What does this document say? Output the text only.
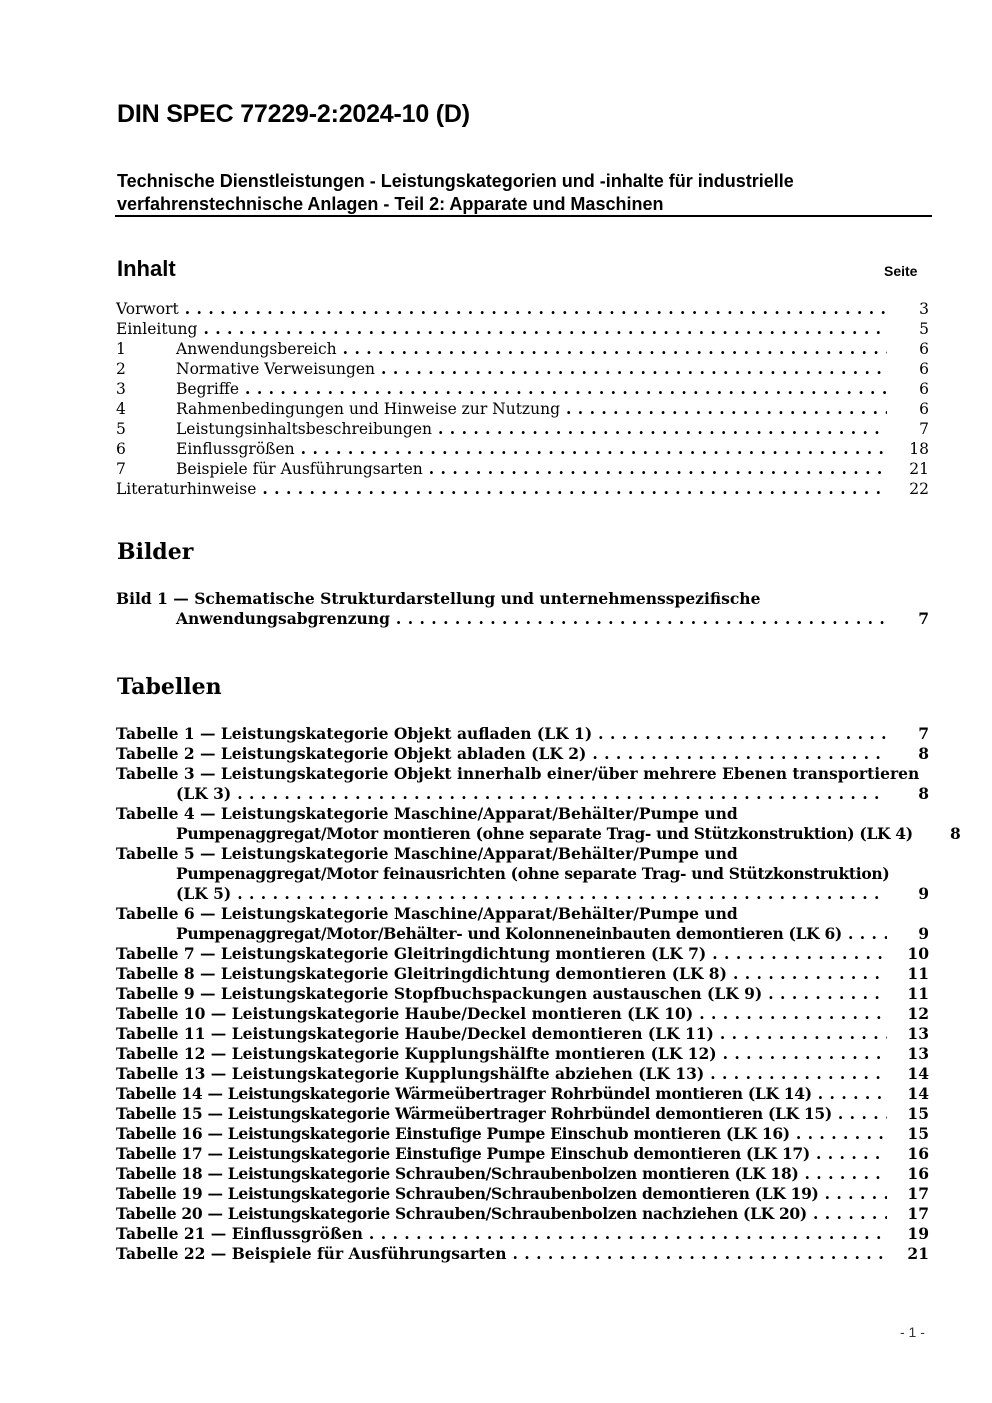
DIN SPEC 77229-2:2024-10 (D)
Technische Dienstleistungen - Leistungskategorien und -inhalte für industrielle verfahrenstechnische Anlagen - Teil 2: Apparate und Maschinen
Inhalt	Seite
Vorwort . . .	3
Einleitung . . .	5
1	Anwendungsbereich . . .	6
2	Normative Verweisungen . . .	6
3	Begriffe . . .	6
4	Rahmenbedingungen und Hinweise zur Nutzung . . .	6
5	Leistungsinhaltsbeschreibungen . . .	7
6	Einflussgrößen . . .	18
7	Beispiele für Ausführungsarten . . .	21
Literaturhinweise . . .	22
Bilder
Bild 1 — Schematische Strukturdarstellung und unternehmensspezifische
Anwendungsabgrenzung . . .	7
Tabellen
Tabelle 1 — Leistungskategorie Objekt aufladen (LK 1) . . .	7
Tabelle 2 — Leistungskategorie Objekt abladen (LK 2) . . .	8
Tabelle 3 — Leistungskategorie Objekt innerhalb einer/über mehrere Ebenen transportieren
(LK 3) . . .	8
Tabelle 4 — Leistungskategorie Maschine/Apparat/Behälter/Pumpe und
Pumpenaggregat/Motor montieren (ohne separate Trag- und Stützkonstruktion) (LK 4)	8
Tabelle 5 — Leistungskategorie Maschine/Apparat/Behälter/Pumpe und
Pumpenaggregat/Motor feinausrichten (ohne separate Trag- und Stützkonstruktion)
(LK 5) . . .	9
Tabelle 6 — Leistungskategorie Maschine/Apparat/Behälter/Pumpe und
Pumpenaggregat/Motor/Behälter- und Kolonneneinbauten demontieren (LK 6) . . .	9
Tabelle 7 — Leistungskategorie Gleitringdichtung montieren (LK 7) . . .	10
Tabelle 8 — Leistungskategorie Gleitringdichtung demontieren (LK 8) . . .	11
Tabelle 9 — Leistungskategorie Stopfbuchspackungen austauschen (LK 9) . . .	11
Tabelle 10 — Leistungskategorie Haube/Deckel montieren (LK 10) . . .	12
Tabelle 11 — Leistungskategorie Haube/Deckel demontieren (LK 11) . . .	13
Tabelle 12 — Leistungskategorie Kupplungshälfte montieren (LK 12) . . .	13
Tabelle 13 — Leistungskategorie Kupplungshälfte abziehen (LK 13) . . .	14
Tabelle 14 — Leistungskategorie Wärmeübertrager Rohrbündel montieren (LK 14) . . .	14
Tabelle 15 — Leistungskategorie Wärmeübertrager Rohrbündel demontieren (LK 15) . . .	15
Tabelle 16 — Leistungskategorie Einstufige Pumpe Einschub montieren (LK 16) . . .	15
Tabelle 17 — Leistungskategorie Einstufige Pumpe Einschub demontieren (LK 17) . . .	16
Tabelle 18 — Leistungskategorie Schrauben/Schraubenbolzen montieren (LK 18) . . .	16
Tabelle 19 — Leistungskategorie Schrauben/Schraubenbolzen demontieren (LK 19) . . .	17
Tabelle 20 — Leistungskategorie Schrauben/Schraubenbolzen nachziehen (LK 20) . . .	17
Tabelle 21 — Einflussgrößen . . .	19
Tabelle 22 — Beispiele für Ausführungsarten . . .	21
- 1 -
